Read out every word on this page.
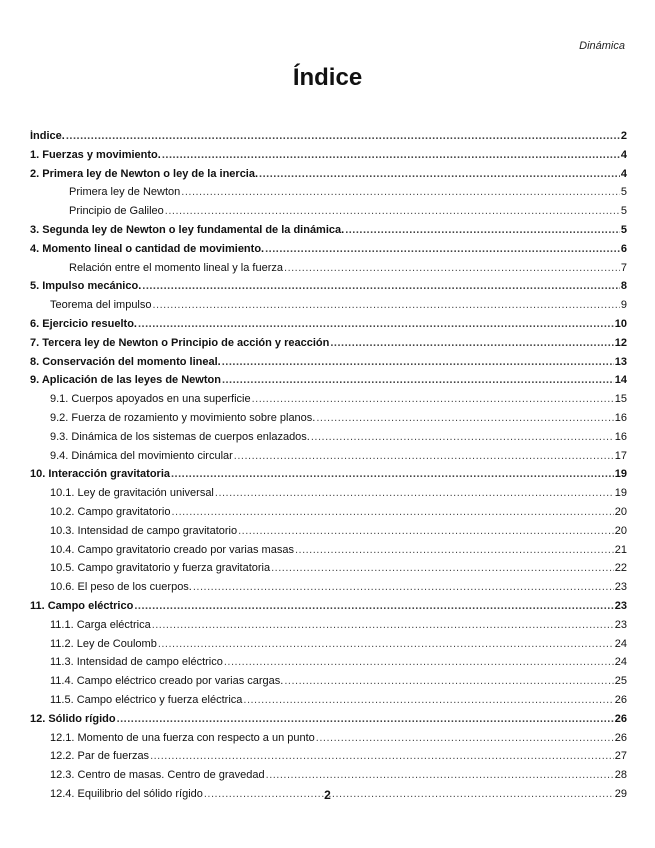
Dinámica
Índice
Índice. .....	2
1. Fuerzas y movimiento. .....	4
2. Primera ley de Newton o ley de la inercia. .....	4
Primera ley de Newton .....	5
Principio de Galileo .....	5
3. Segunda ley de Newton o ley fundamental de la dinámica. .....	5
4. Momento lineal o cantidad de movimiento. .....	6
Relación entre el momento lineal y la fuerza .....	7
5. Impulso mecánico. .....	8
Teorema del impulso .....	9
6. Ejercicio resuelto. .....	10
7. Tercera ley de Newton o Principio de acción y reacción .....	12
8. Conservación del momento lineal. .....	13
9. Aplicación de las leyes de Newton .....	14
9.1. Cuerpos apoyados en una superficie .....	15
9.2. Fuerza de rozamiento y movimiento sobre planos. .....	16
9.3. Dinámica de los sistemas de cuerpos enlazados. .....	16
9.4. Dinámica del movimiento circular .....	17
10. Interacción gravitatoria .....	19
10.1. Ley de gravitación universal .....	19
10.2. Campo gravitatorio .....	20
10.3. Intensidad de campo gravitatorio .....	20
10.4. Campo gravitatorio creado por varias masas .....	21
10.5. Campo gravitatorio y fuerza gravitatoria .....	22
10.6. El peso de los cuerpos. .....	23
11. Campo eléctrico .....	23
11.1. Carga eléctrica .....	23
11.2. Ley de Coulomb .....	24
11.3. Intensidad de campo eléctrico .....	24
11.4. Campo eléctrico creado por varias cargas. .....	25
11.5. Campo eléctrico y fuerza eléctrica .....	26
12. Sólido rígido .....	26
12.1. Momento de una fuerza con respecto a un punto .....	26
12.2. Par de fuerzas .....	27
12.3. Centro de masas. Centro de gravedad .....	28
12.4. Equilibrio del sólido rígido .....	29
2
